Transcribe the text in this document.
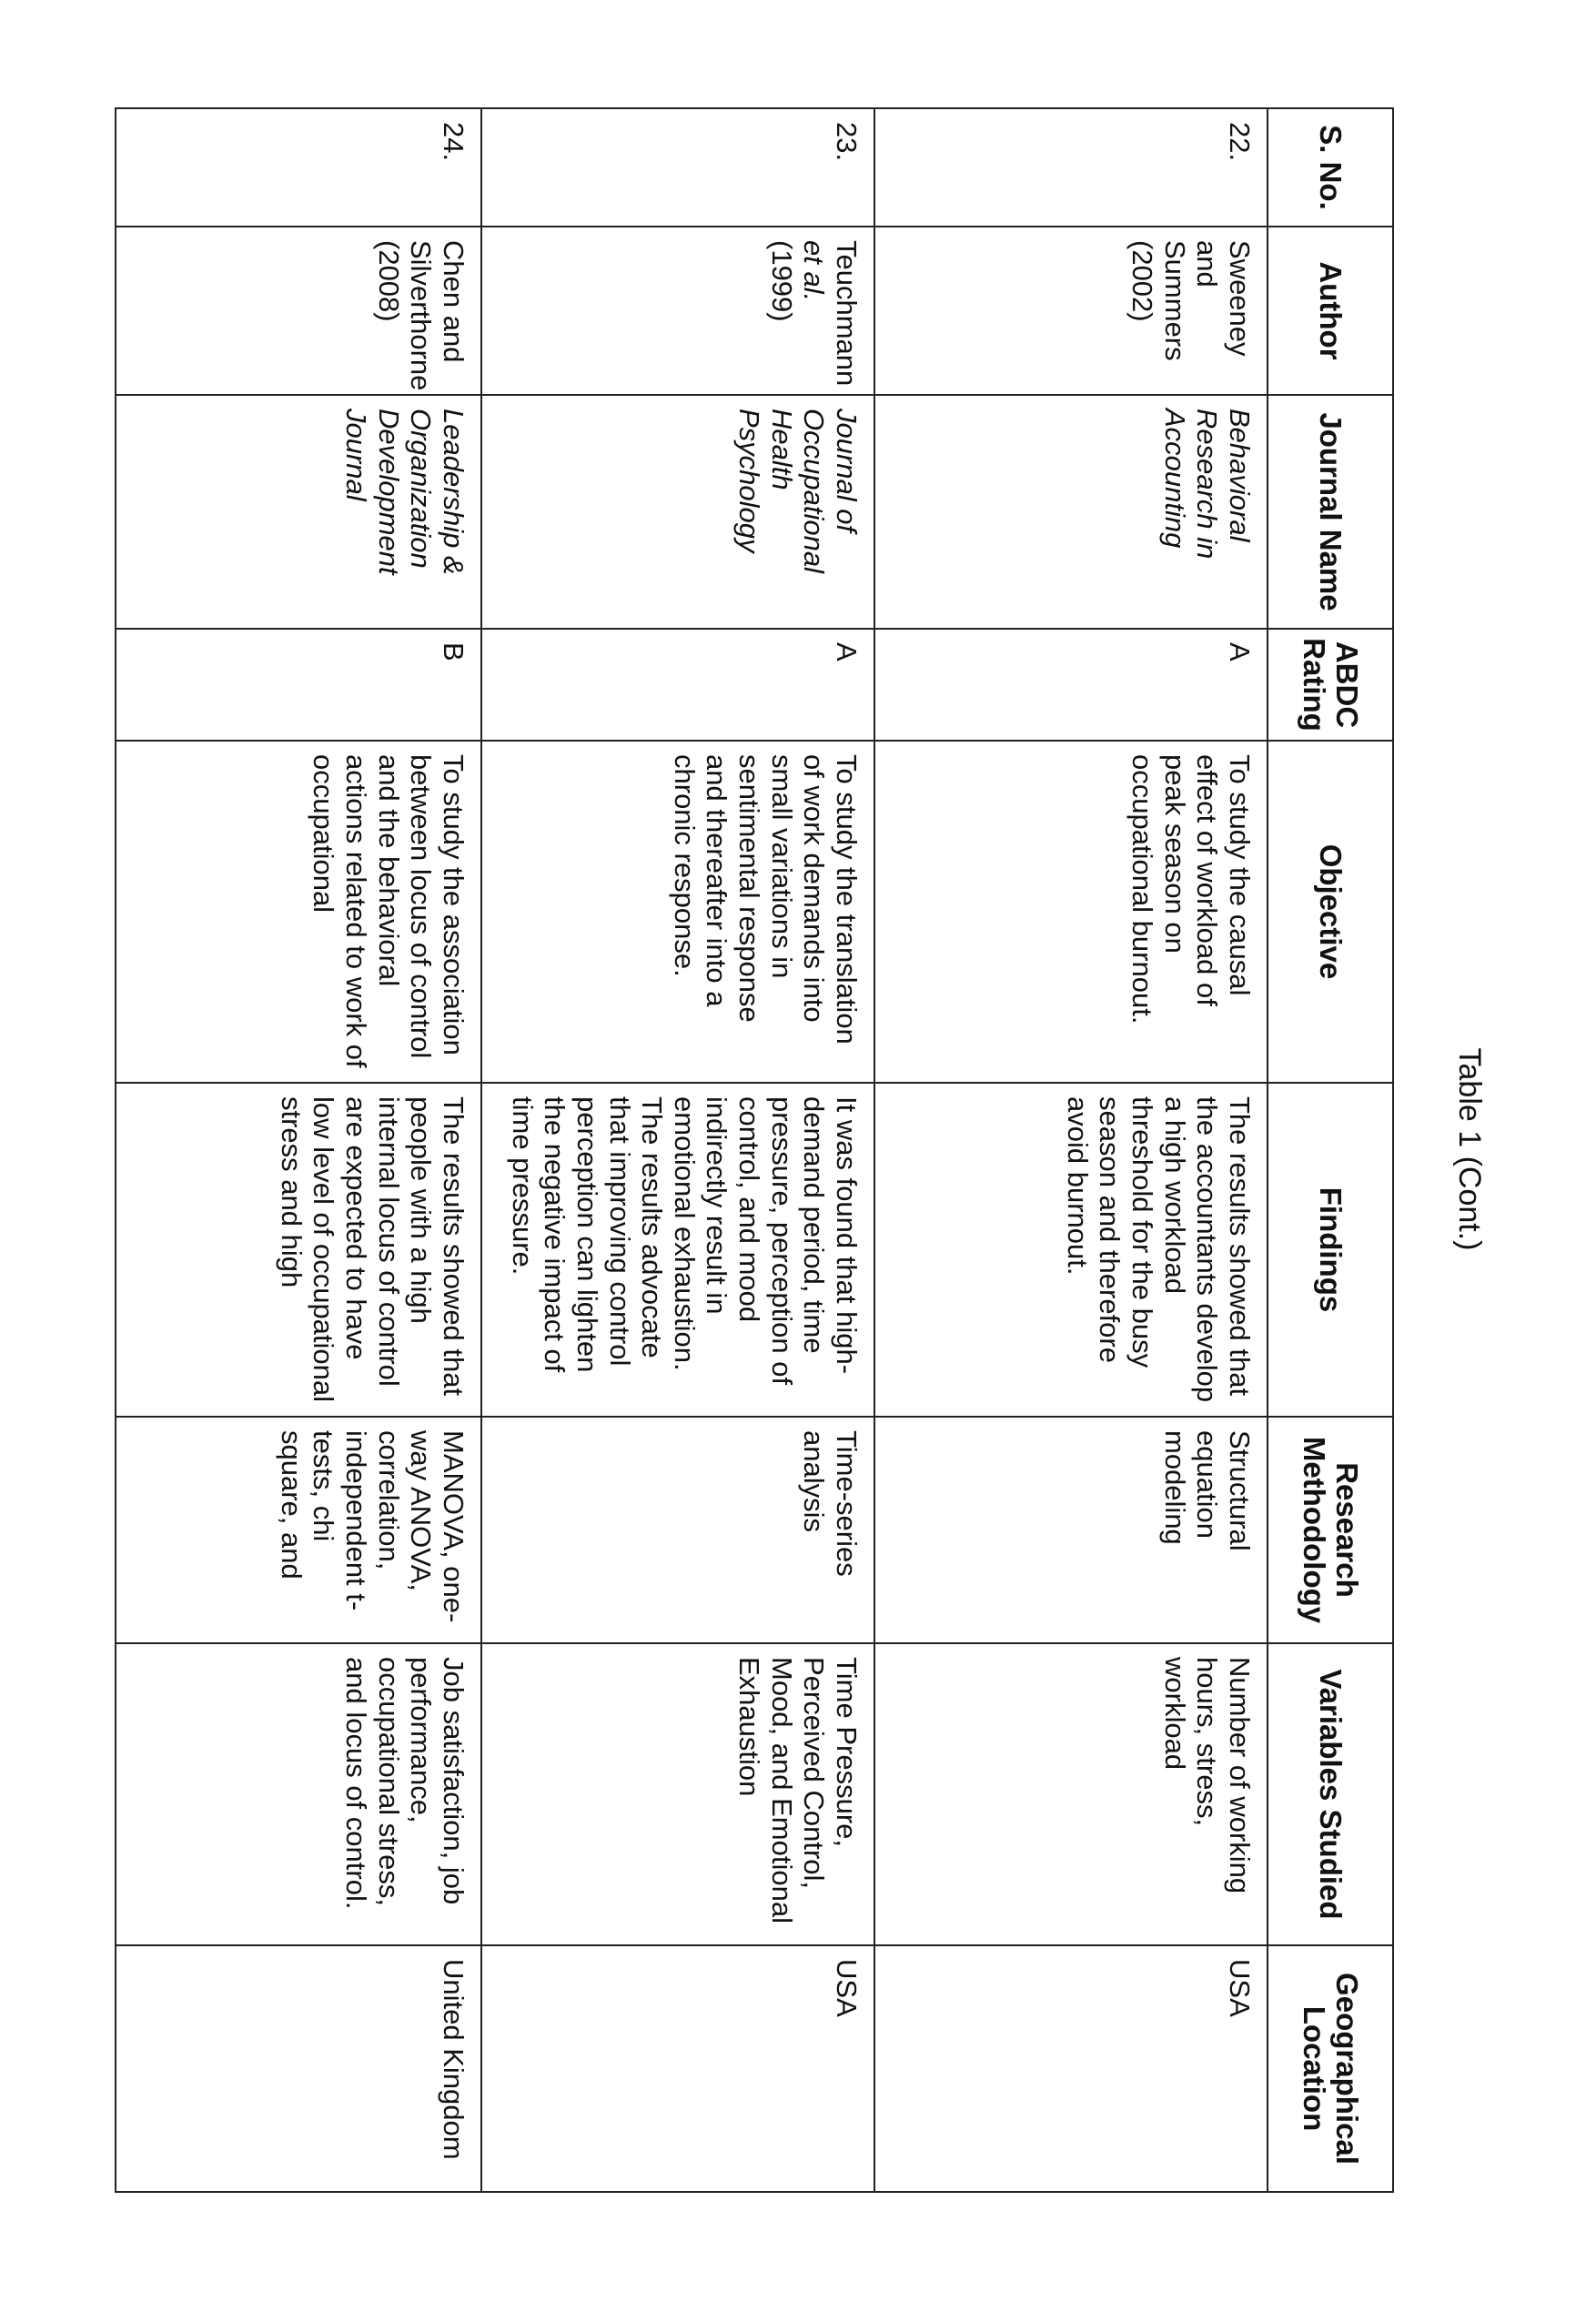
Table 1 (Cont.)
S. No.	Author	Journal Name	ABDC Rating	Objective	Findings	Research Methodology	Variables Studied	Geographical Location
22.	Sweeney and Summers (2002)	Behavioral Research in Accounting	A	To study the causal effect of workload of peak season on occupational burnout.	The results showed that the accountants develop a high workload threshold for the busy season and therefore avoid burnout.	Structural equation modeling	Number of working hours, stress, workload	USA
23.	Teuchmann et al. (1999)	Journal of Occupational Health Psychology	A	To study the translation of work demands into small variations in sentimental response and thereafter into a chronic response.	It was found that high-demand period, time pressure, perception of control, and mood indirectly result in emotional exhaustion. The results advocate that improving control perception can lighten the negative impact of time pressure.	Time-series analysis	Time Pressure, Perceived Control, Mood, and Emotional Exhaustion	USA
24.	Chen and Silverthorne (2008)	Leadership & Organization Development Journal	B	To study the association between locus of control and the behavioral actions related to work of occupational	The results showed that people with a high internal locus of control are expected to have low level of occupational stress and high	MANOVA, one-way ANOVA, correlation, independent t-tests, chi square, and	Job satisfaction, job performance, occupational stress, and locus of control.	United Kingdom
